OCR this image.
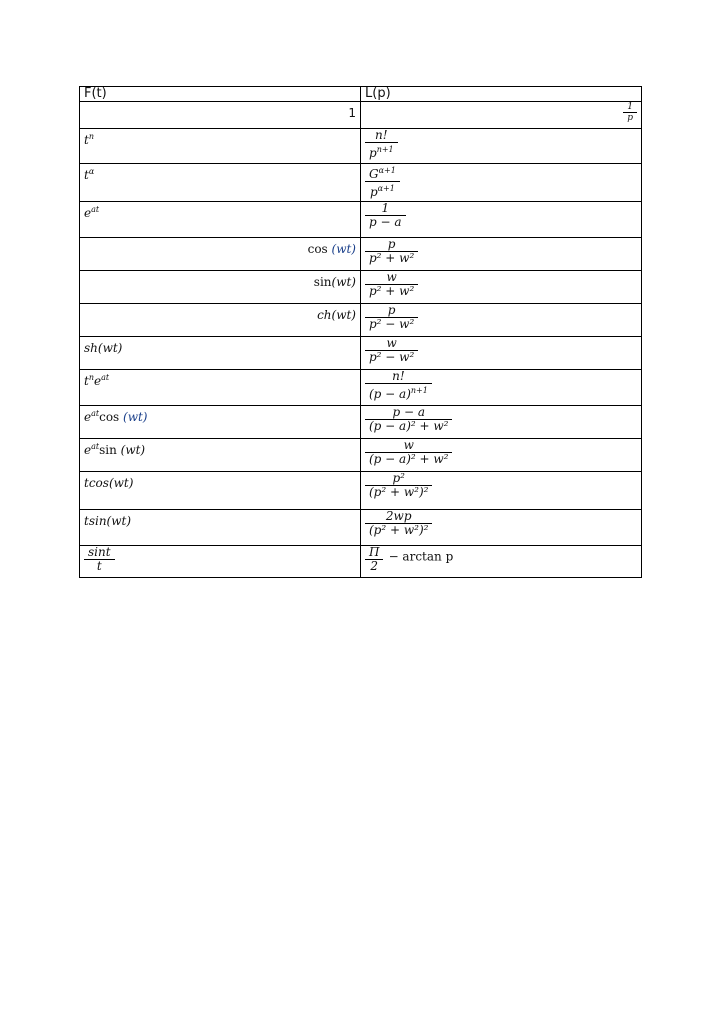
F(t)	L(p)
1	$\frac{1}{p}$

$t^n$	$\frac{n!}{p^{n+1}}$

$t^\alpha$	$\frac{G^{\alpha+1}}{p^{\alpha+1}}$

$e^{at}$	$\frac{1}{p - a}$

cos (wt)	$\frac{p}{\text{p² + w²}}$

sin(wt)	$\frac{w}{\text{p² + w²}}$

ch(wt)	$\frac{p}{\text{p² − w²}}$

sh(wt)	$\frac{w}{\text{p² − w²}}$

$t^ne^{at}$	$\frac{n!}{(p - a)^{n+1}}$

$e^{at}\cos$ (wt)	$\frac{p - a}{\text{(p − a)² + w²}}$

$e^{at}\sin$ (wt)	$\frac{w}{\text{(p − a)² + w²}}$

tcos(wt)	$\frac{\text{p²}}{\text{(p² + w²)²}}$

tsin(wt)	$\frac{2wp}{\text{(p² + w²)²}}$

$\frac{\sin t}{t}$	$\frac{\Pi}{2} - \arctan p$
